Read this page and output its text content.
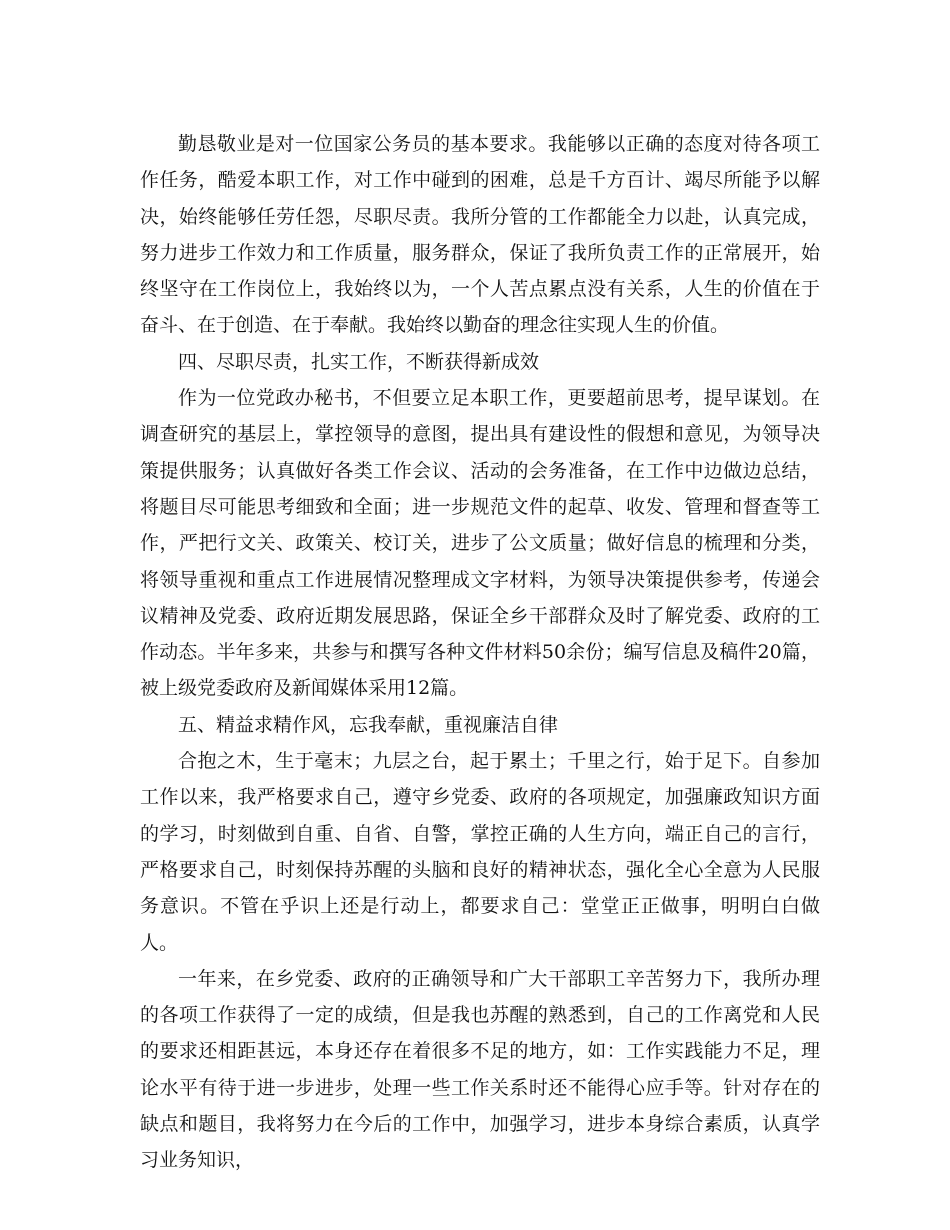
勤恳敬业是对一位国家公务员的基本要求。我能够以正确的态度对待各项工作任务，酷爱本职工作，对工作中碰到的困难，总是千方百计、竭尽所能予以解决，始终能够任劳任怨，尽职尽责。我所分管的工作都能全力以赴，认真完成，努力进步工作效力和工作质量，服务群众，保证了我所负责工作的正常展开，始终坚守在工作岗位上，我始终以为，一个人苦点累点没有关系，人生的价值在于奋斗、在于创造、在于奉献。我始终以勤奋的理念往实现人生的价值。

四、尽职尽责，扎实工作，不断获得新成效

作为一位党政办秘书，不但要立足本职工作，更要超前思考，提早谋划。在调查研究的基层上，掌控领导的意图，提出具有建设性的假想和意见，为领导决策提供服务；认真做好各类工作会议、活动的会务准备，在工作中边做边总结，将题目尽可能思考细致和全面；进一步规范文件的起草、收发、管理和督查等工作，严把行文关、政策关、校订关，进步了公文质量；做好信息的梳理和分类，将领导重视和重点工作进展情况整理成文字材料，为领导决策提供参考，传递会议精神及党委、政府近期发展思路，保证全乡干部群众及时了解党委、政府的工作动态。半年多来，共参与和撰写各种文件材料50余份；编写信息及稿件20篇，被上级党委政府及新闻媒体采用12篇。

五、精益求精作风，忘我奉献，重视廉洁自律

合抱之木，生于毫末；九层之台，起于累土；千里之行，始于足下。自参加工作以来，我严格要求自己，遵守乡党委、政府的各项规定，加强廉政知识方面的学习，时刻做到自重、自省、自警，掌控正确的人生方向，端正自己的言行，严格要求自己，时刻保持苏醒的头脑和良好的精神状态，强化全心全意为人民服务意识。不管在乎识上还是行动上，都要求自己：堂堂正正做事，明明白白做人。

一年来，在乡党委、政府的正确领导和广大干部职工辛苦努力下，我所办理的各项工作获得了一定的成绩，但是我也苏醒的熟悉到，自己的工作离党和人民的要求还相距甚远，本身还存在着很多不足的地方，如：工作实践能力不足，理论水平有待于进一步进步，处理一些工作关系时还不能得心应手等。针对存在的缺点和题目，我将努力在今后的工作中，加强学习，进步本身综合素质，认真学习业务知识，
